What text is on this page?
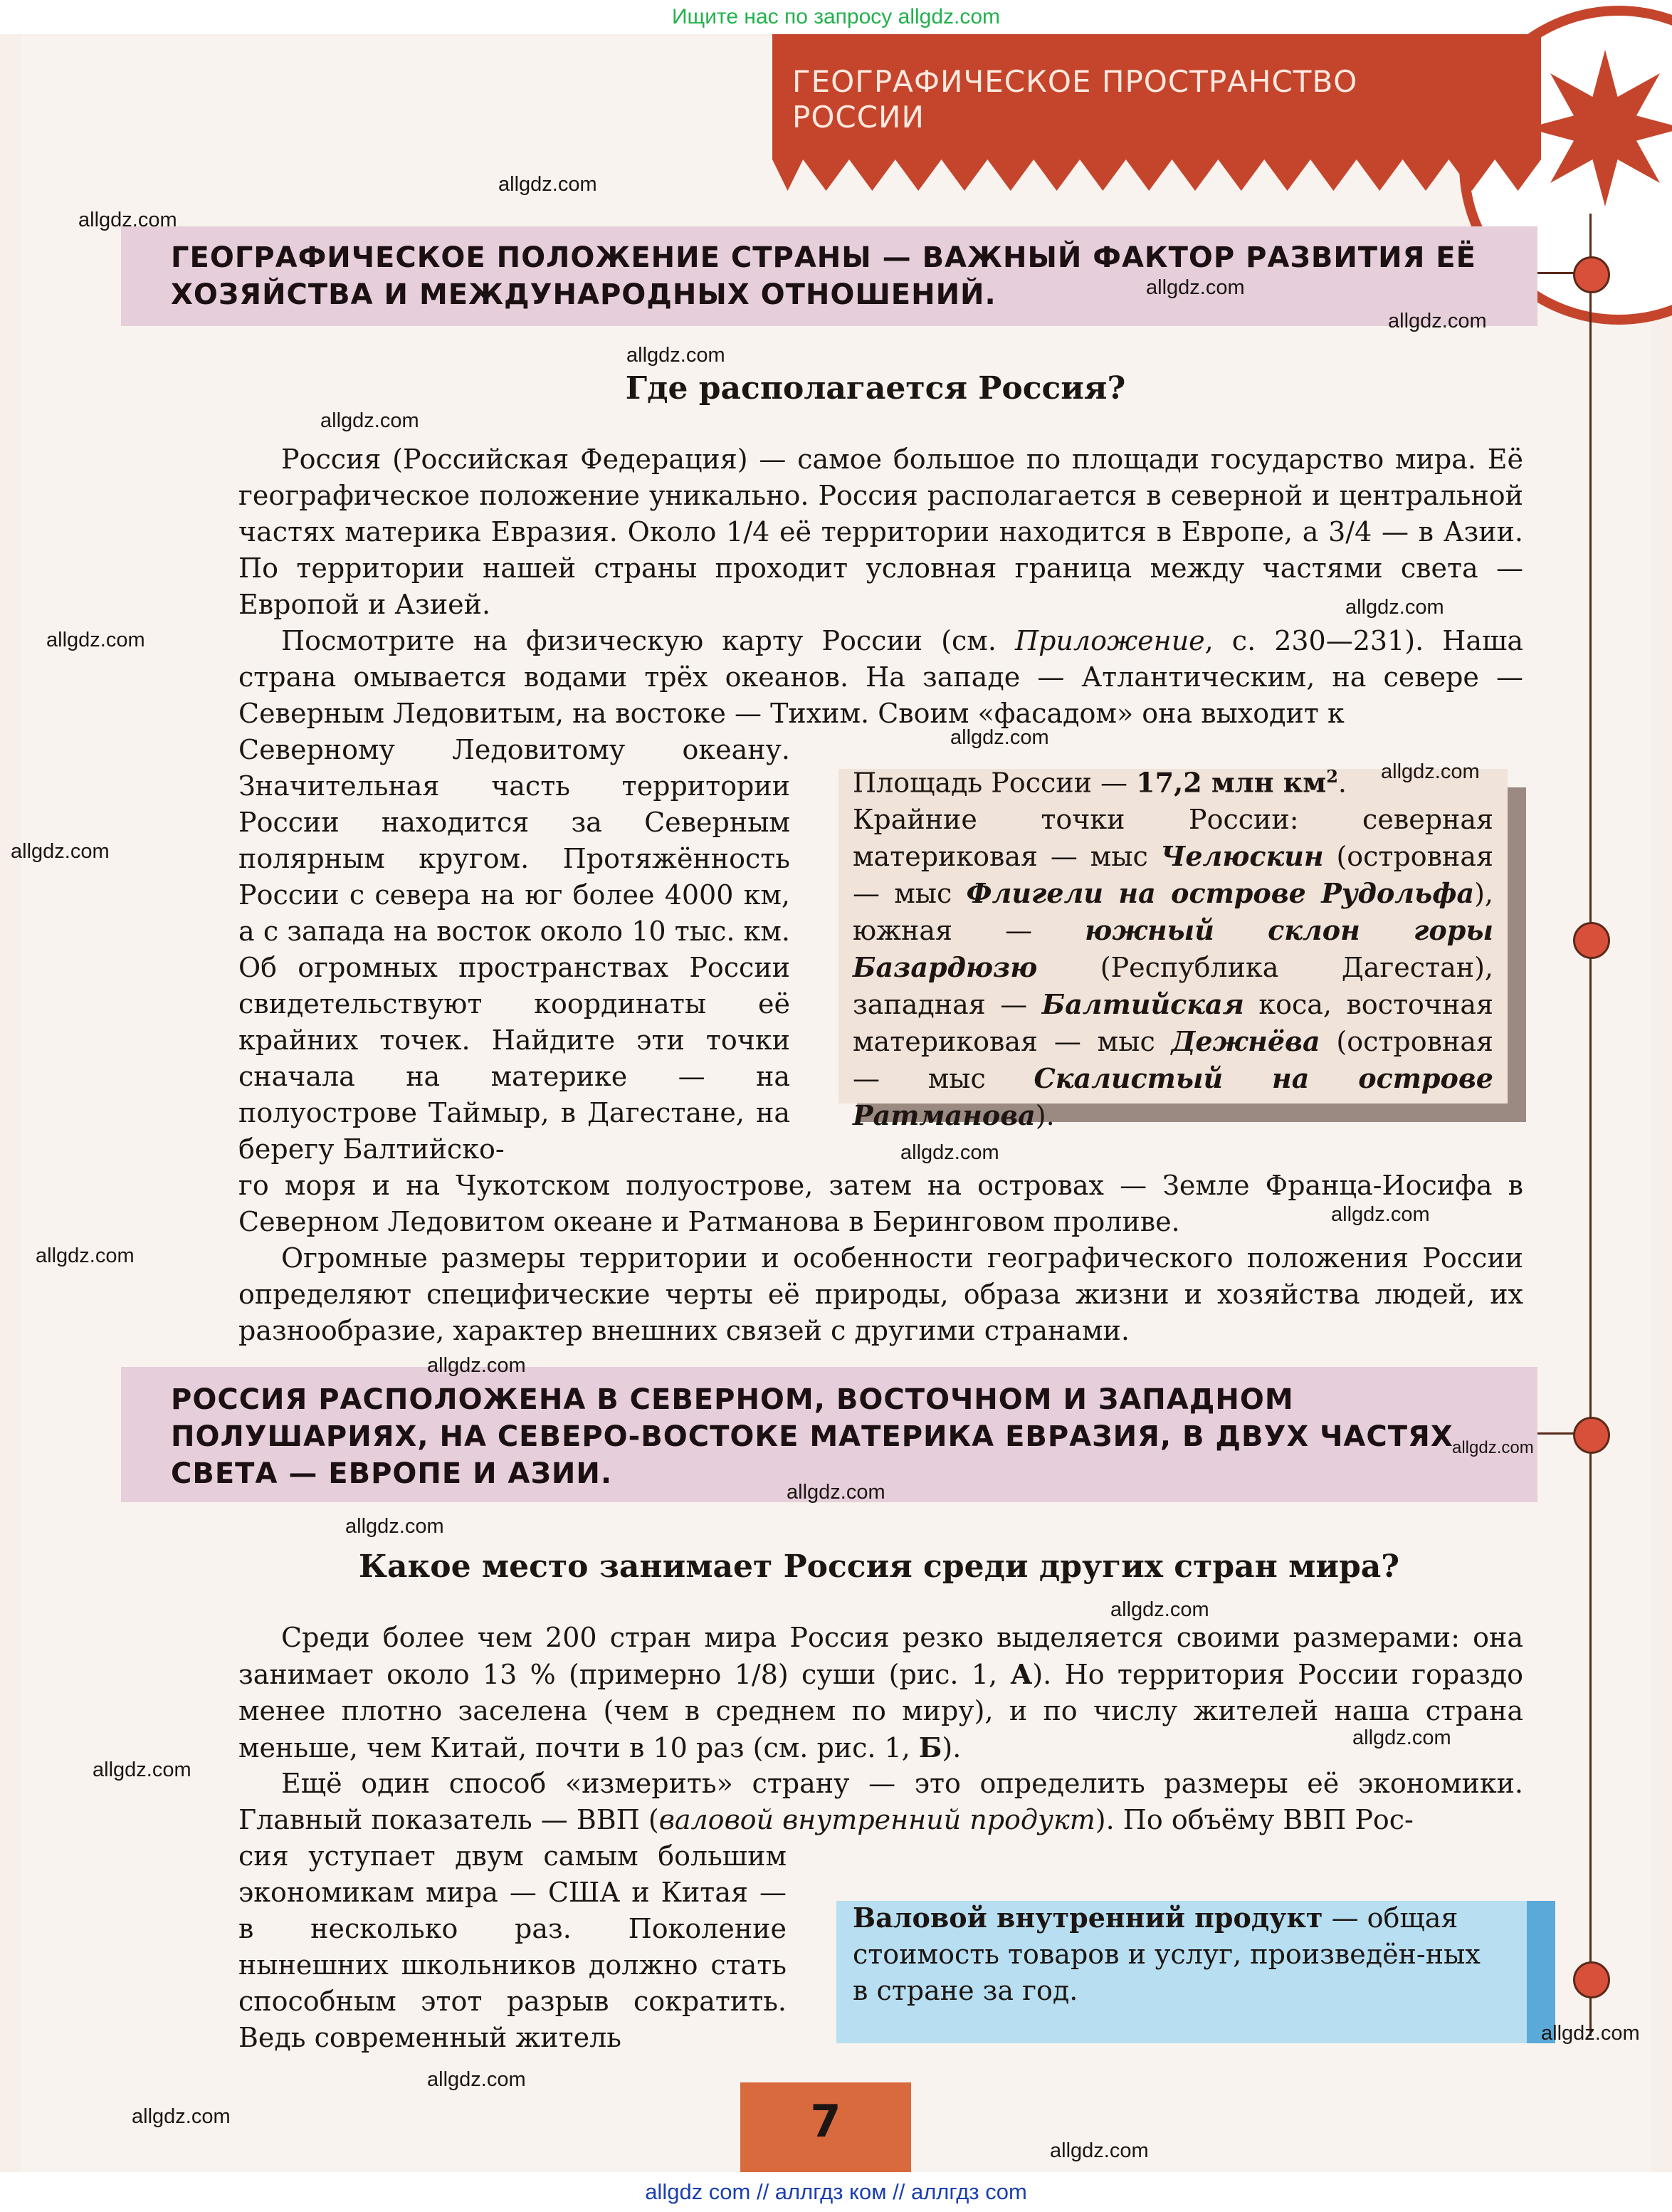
Ищите нас по запросу allgdz.com
ГЕОГРАФИЧЕСКОЕ ПРОСТРАНСТВО РОССИИ
ГЕОГРАФИЧЕСКОЕ ПОЛОЖЕНИЕ СТРАНЫ — ВАЖНЫЙ ФАКТОР РАЗВИТИЯ ЕЁ ХОЗЯЙСТВА И МЕЖДУНАРОДНЫХ ОТНОШЕНИЙ.
Где располагается Россия?

Россия (Российская Федерация) — самое большое по площади государство мира. Её географическое положение уникально. Россия располагается в северной и центральной частях материка Евразия. Около 1/4 её территории находится в Европе, а 3/4 — в Азии. По территории нашей страны проходит условная граница между частями света — Европой и Азией.

Посмотрите на физическую карту России (см. Приложение, с. 230—231). Наша страна омывается водами трёх океанов. На западе — Атлантическим, на севере — Северным Ледовитым, на востоке — Тихим. Своим «фасадом» она выходит к

Северному Ледовитому океану. Значительная часть территории России находится за Северным полярным кругом. Протяжённость России с севера на юг более 4000 км, а с запада на восток около 10 тыс. км. Об огромных пространствах России свидетельствуют координаты её крайних точек. Найдите эти точки сначала на материке — на полуострове Таймыр, в Дагестане, на берегу Балтийско-

го моря и на Чукотском полуострове, затем на островах — Земле Франца-Иосифа в Северном Ледовитом океане и Ратманова в Беринговом проливе.

Огромные размеры территории и особенности географического положения России определяют специфические черты её природы, образа жизни и хозяйства людей, их разнообразие, характер внешних связей с другими странами.

Площадь России — 17,2 млн $км^2$.
Крайние точки России: северная материковая — мыс Челюскин (островная — мыс Флигели на острове Рудольфа), южная — южный склон горы Базардюзю (Республика Дагестан), западная — Балтийская коса, восточная материковая — мыс Дежнёва (островная — мыс Скалистый на острове Ратманова).

РОССИЯ РАСПОЛОЖЕНА В СЕВЕРНОМ, ВОСТОЧНОМ И ЗАПАДНОМ ПОЛУШАРИЯХ, НА СЕВЕРО-ВОСТОКЕ МАТЕРИКА ЕВРАЗИЯ, В ДВУХ ЧАСТЯХ СВЕТА — ЕВРОПЕ И АЗИИ.
Какое место занимает Россия среди других стран мира?

Среди более чем 200 стран мира Россия резко выделяется своими размерами: она занимает около 13 % (примерно 1/8) суши (рис. 1, А). Но территория России гораздо менее плотно заселена (чем в среднем по миру), и по числу жителей наша страна меньше, чем Китай, почти в 10 раз (см. рис. 1, Б).

Ещё один способ «измерить» страну — это определить размеры её экономики. Главный показатель — ВВП (валовой внутренний продукт). По объёму ВВП Рос-

сия уступает двум самым большим экономикам мира — США и Китая — в несколько раз. Поколение нынешних школьников должно стать способным этот разрыв сократить. Ведь современный житель

Валовой внутренний продукт — общая стоимость товаров и услуг, произведён-ных в стране за год.

7
allgdz.com
allgdz.com
allgdz.com
allgdz.com
allgdz.com
allgdz.com
allgdz.com
allgdz.com
allgdz.com
allgdz.com
allgdz.com
allgdz.com
allgdz.com
allgdz.com
allgdz.com
allgdz.com
allgdz.com
allgdz.com
allgdz.com
allgdz.com
allgdz.com
allgdz.com
allgdz.com
allgdz.com
allgdz.com
allgdz com // аллгдз ком // аллгдз com
